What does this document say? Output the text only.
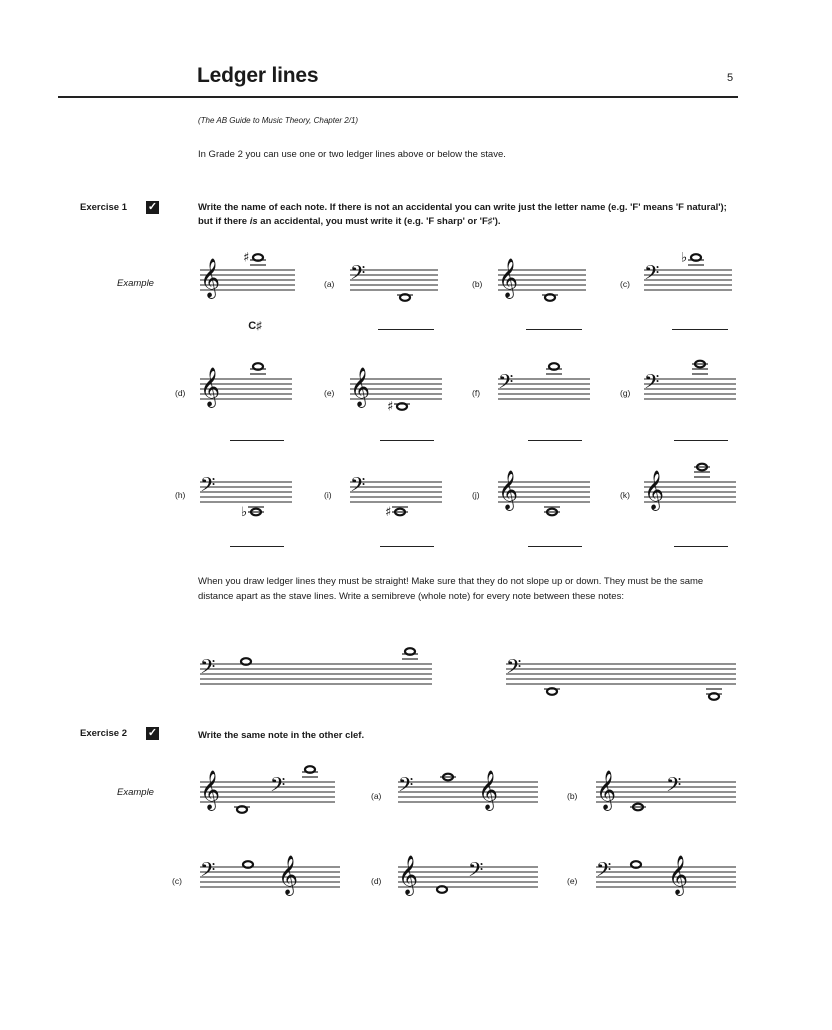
Ledger lines	5
(The AB Guide to Music Theory, Chapter 2/1)
In Grade 2 you can use one or two ledger lines above or below the stave.
Exercise 1 ✓	Write the name of each note. If there is not an accidental you can write just the letter name (e.g. 'F' means 'F natural'); but if there is an accidental, you must write it (e.g. 'F sharp' or 'F♯').
Example
C♯
𝄞 ♯
(a) 𝄢	(b) 𝄞	(c) 𝄢
♭
(d) 𝄞	(e) 𝄞 ♯
(f) 𝄢	(g) 𝄢
(h) 𝄢
♭
(i) 𝄢
♯
(j) 𝄞	(k) 𝄞
When you draw ledger lines they must be straight! Make sure that they do not slope up or down. They must be the same distance apart as the stave lines. Write a semibreve (whole note) for every note between these notes:
𝄢	𝄢
Exercise 2 ✓	Write the same note in the other clef.
Example 𝄞 𝄢	(a) 𝄢 𝄞	(b) 𝄞 𝄢
(c) 𝄢 𝄞	(d) 𝄞 𝄢	(e) 𝄢 𝄞
